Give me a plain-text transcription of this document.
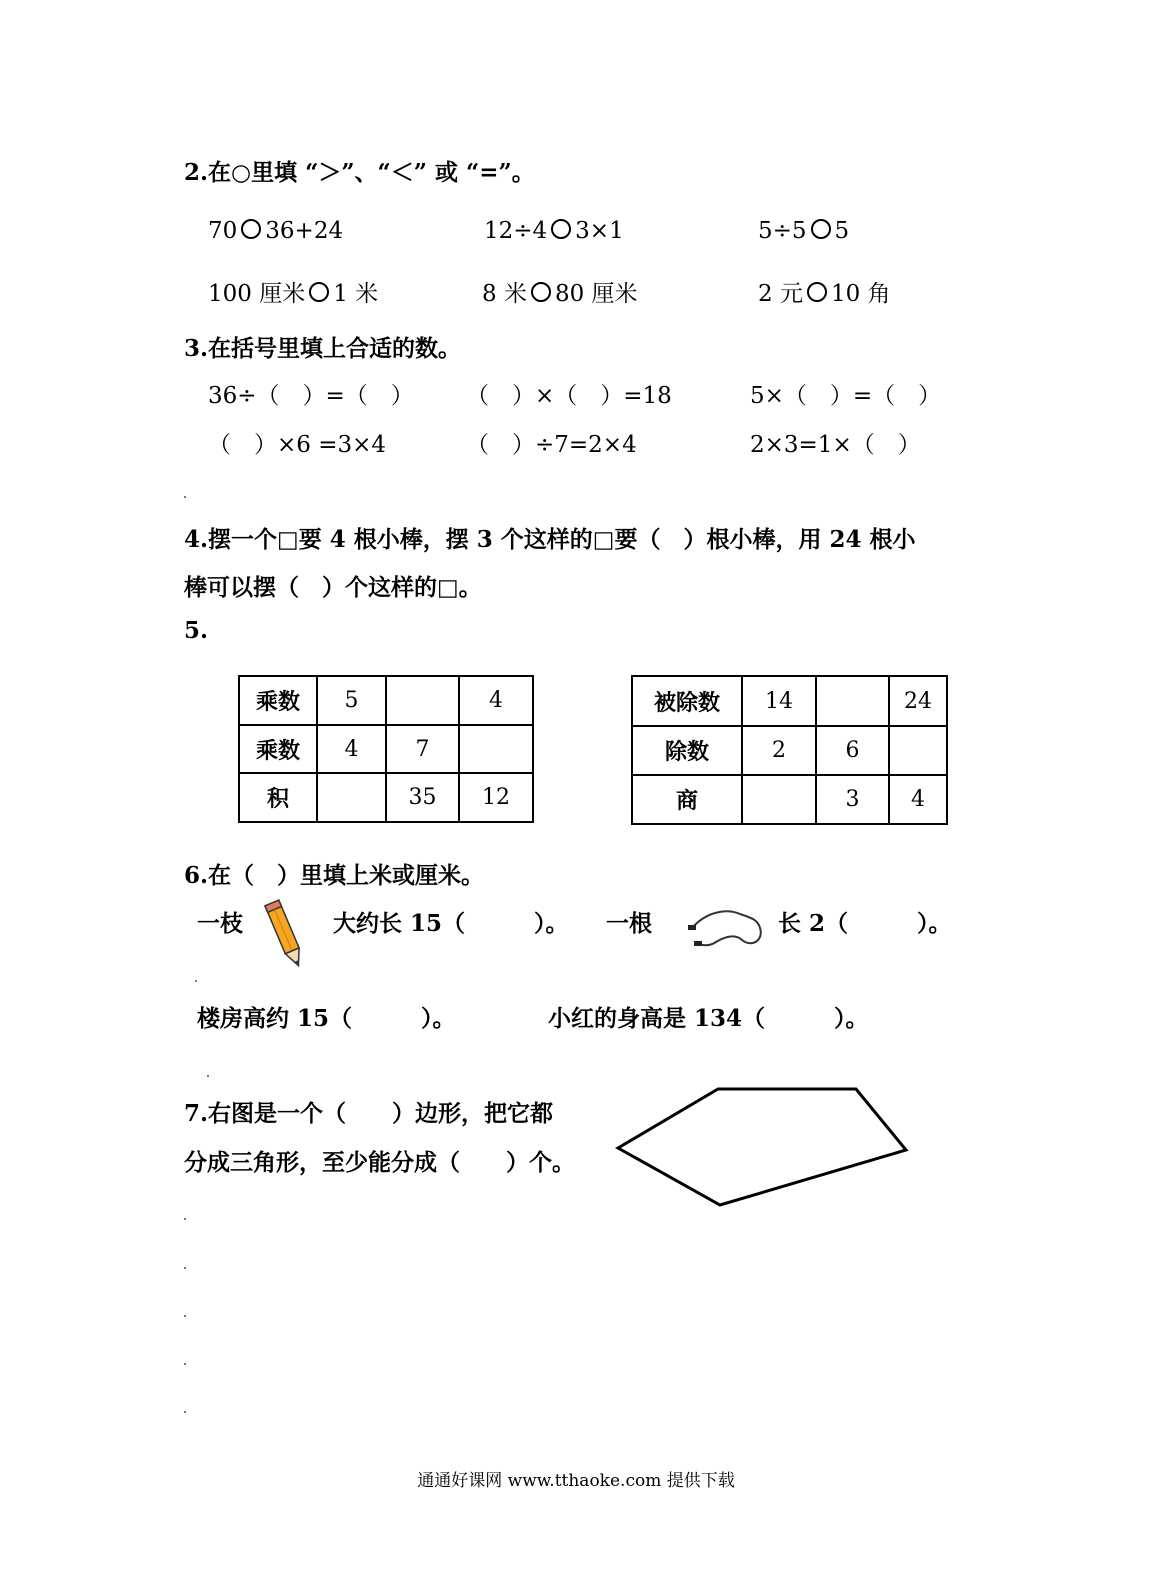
2.在○里填 “＞”、“＜” 或 “=”。
70 36+24	12÷4 3×1	5÷5 5
100 厘米 1 米	8 米 80 厘米	2 元 10 角
3.在括号里填上合适的数。
36÷（　）=（　） （　）×（　）=18	5×（　）=（　）
（　）×6 =3×4	（　）÷7=2×4	2×3=1×（　）
4.摆一个□要 4 根小棒，摆 3 个这样的□要（　）根小棒，用 24 根小
棒可以摆（　）个这样的□。
5.
乘数	5		4
乘数	4	7	
积		35	12
被除数	14		24
除数	2	6	
商		3	4
6.在（　）里填上米或厘米。
一枝	大约长 15（　　　）。 一根	长 2（　　　）。
楼房高约 15（　　　）。	小红的身高是 134（　　　）。
7.右图是一个（　　）边形，把它都
分成三角形，至少能分成（　　）个。
通通好课网 www.tthaoke.com 提供下载
